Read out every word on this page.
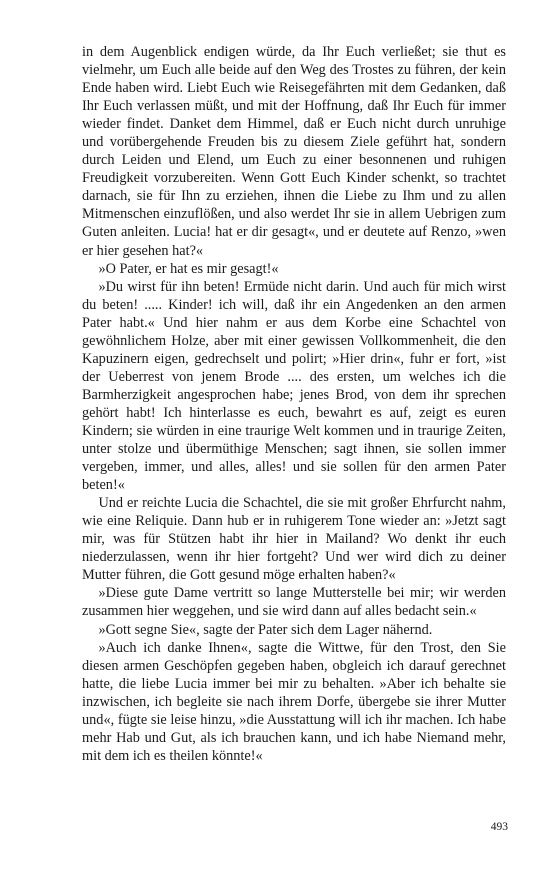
in dem Augenblick endigen würde, da Ihr Euch verließet; sie thut es vielmehr, um Euch alle beide auf den Weg des Trostes zu führen, der kein Ende haben wird. Liebt Euch wie Reisegefährten mit dem Gedanken, daß Ihr Euch verlassen müßt, und mit der Hoffnung, daß Ihr Euch für immer wieder findet. Danket dem Himmel, daß er Euch nicht durch unruhige und vorübergehende Freuden bis zu diesem Ziele geführt hat, sondern durch Leiden und Elend, um Euch zu einer besonnenen und ruhigen Freudigkeit vorzubereiten. Wenn Gott Euch Kinder schenkt, so trachtet darnach, sie für Ihn zu erziehen, ihnen die Liebe zu Ihm und zu allen Mitmenschen einzuflößen, und also werdet Ihr sie in allem Uebrigen zum Guten anleiten. Lucia! hat er dir gesagt«, und er deutete auf Renzo, »wen er hier gesehen hat?«

»O Pater, er hat es mir gesagt!«

»Du wirst für ihn beten! Ermüde nicht darin. Und auch für mich wirst du beten! ..... Kinder! ich will, daß ihr ein Angedenken an den armen Pater habt.« Und hier nahm er aus dem Korbe eine Schachtel von gewöhnlichem Holze, aber mit einer gewissen Vollkommenheit, die den Kapuzinern eigen, gedrechselt und polirt; »Hier drin«, fuhr er fort, »ist der Ueberrest von jenem Brode .... des ersten, um welches ich die Barmherzigkeit angesprochen habe; jenes Brod, von dem ihr sprechen gehört habt! Ich hinterlasse es euch, bewahrt es auf, zeigt es euren Kindern; sie würden in eine traurige Welt kommen und in traurige Zeiten, unter stolze und übermüthige Menschen; sagt ihnen, sie sollen immer vergeben, immer, und alles, alles! und sie sollen für den armen Pater beten!«

Und er reichte Lucia die Schachtel, die sie mit großer Ehrfurcht nahm, wie eine Reliquie. Dann hub er in ruhigerem Tone wieder an: »Jetzt sagt mir, was für Stützen habt ihr hier in Mailand? Wo denkt ihr euch niederzulassen, wenn ihr hier fortgeht? Und wer wird dich zu deiner Mutter führen, die Gott gesund möge erhalten haben?«

»Diese gute Dame vertritt so lange Mutterstelle bei mir; wir werden zusammen hier weggehen, und sie wird dann auf alles bedacht sein.«

»Gott segne Sie«, sagte der Pater sich dem Lager nähernd.

»Auch ich danke Ihnen«, sagte die Wittwe, für den Trost, den Sie diesen armen Geschöpfen gegeben haben, obgleich ich darauf gerechnet hatte, die liebe Lucia immer bei mir zu behalten. »Aber ich behalte sie inzwischen, ich begleite sie nach ihrem Dorfe, übergebe sie ihrer Mutter und«, fügte sie leise hinzu, »die Ausstattung will ich ihr machen. Ich habe mehr Hab und Gut, als ich brauchen kann, und ich habe Niemand mehr, mit dem ich es theilen könnte!«

493
